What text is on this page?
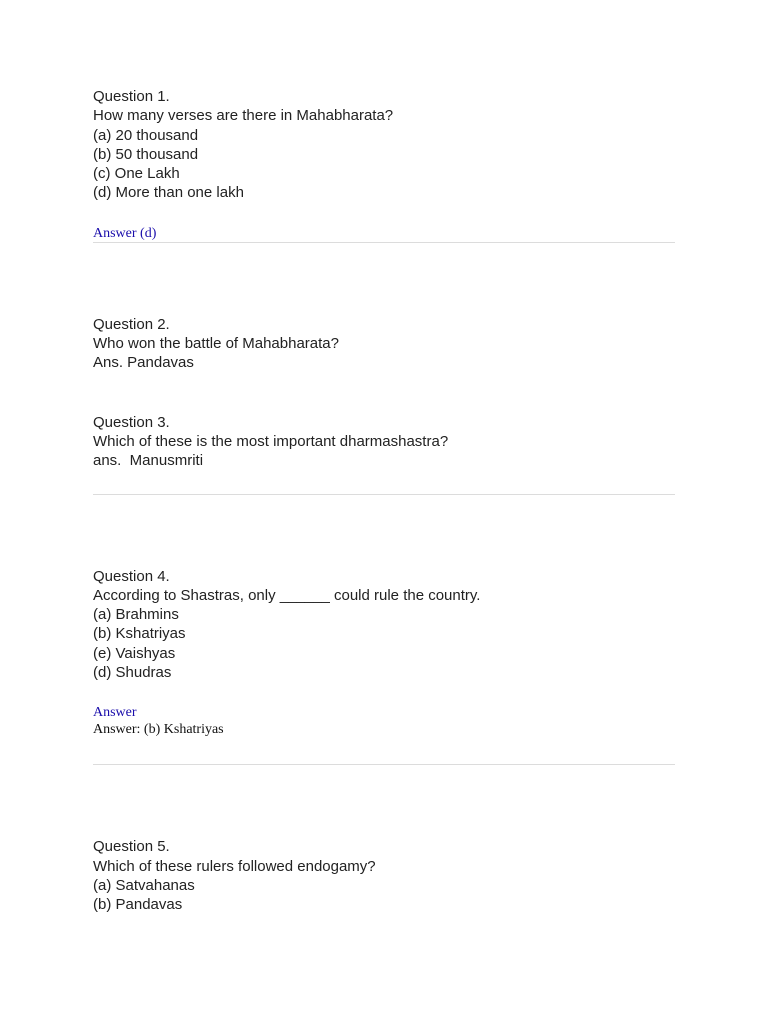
Question 1.
How many verses are there in Mahabharata?
(a) 20 thousand
(b) 50 thousand
(c) One Lakh
(d) More than one lakh
Answer (d)
Question 2.
Who won the battle of Mahabharata?
Ans. Pandavas
Question 3.
Which of these is the most important dharmashastra?
ans.  Manusmriti
Question 4.
According to Shastras, only ______ could rule the country.
(a) Brahmins
(b) Kshatriyas
(e) Vaishyas
(d) Shudras
Answer
Answer: (b) Kshatriyas
Question 5.
Which of these rulers followed endogamy?
(a) Satvahanas
(b) Pandavas
